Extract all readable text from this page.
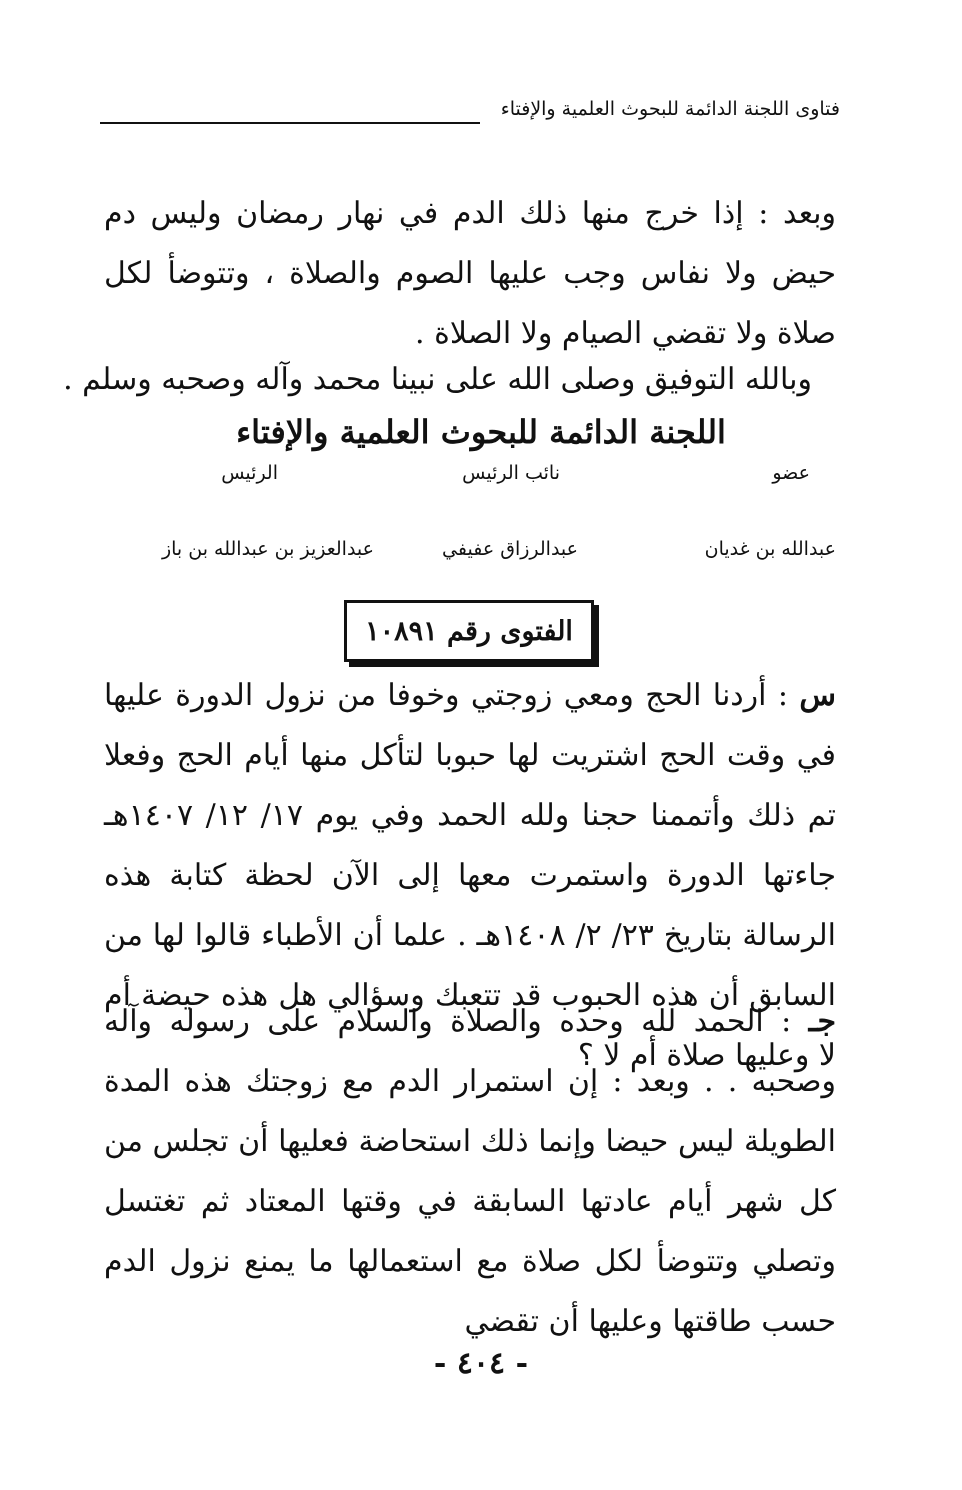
فتاوى اللجنة الدائمة للبحوث العلمية والإفتاء
وبعد : إذا خرج منها ذلك الدم في نهار رمضان وليس دم حيض ولا نفاس وجب عليها الصوم والصلاة ، وتتوضأ لكل صلاة ولا تقضي الصيام ولا الصلاة .
وبالله التوفيق وصلى الله على نبينا محمد وآله وصحبه وسلم .
اللجنة الدائمة للبحوث العلمية والإفتاء
عضو
نائب الرئيس
الرئيس
عبدالله بن غديان
عبدالرزاق عفيفي
عبدالعزيز بن عبدالله بن باز
الفتوى رقم ١٠٨٩١
س : أردنا الحج ومعي زوجتي وخوفا من نزول الدورة عليها في وقت الحج اشتريت لها حبوبا لتأكل منها أيام الحج وفعلا تم ذلك وأتممنا حجنا ولله الحمد وفي يوم ١٧/ ١٢/ ١٤٠٧هـ جاءتها الدورة واستمرت معها إلى الآن لحظة كتابة هذه الرسالة بتاريخ ٢٣/ ٢/ ١٤٠٨هـ . علما أن الأطباء قالوا لها من السابق أن هذه الحبوب قد تتعبك وسؤالي هل هذه حيضة أم لا وعليها صلاة أم لا ؟
جـ : الحمد لله وحده والصلاة والسلام على رسوله وآله وصحبه . . وبعد : إن استمرار الدم مع زوجتك هذه المدة الطويلة ليس حيضا وإنما ذلك استحاضة فعليها أن تجلس من كل شهر أيام عادتها السابقة في وقتها المعتاد ثم تغتسل وتصلي وتتوضأ لكل صلاة مع استعمالها ما يمنع نزول الدم حسب طاقتها وعليها أن تقضي
- ٤٠٤ -
